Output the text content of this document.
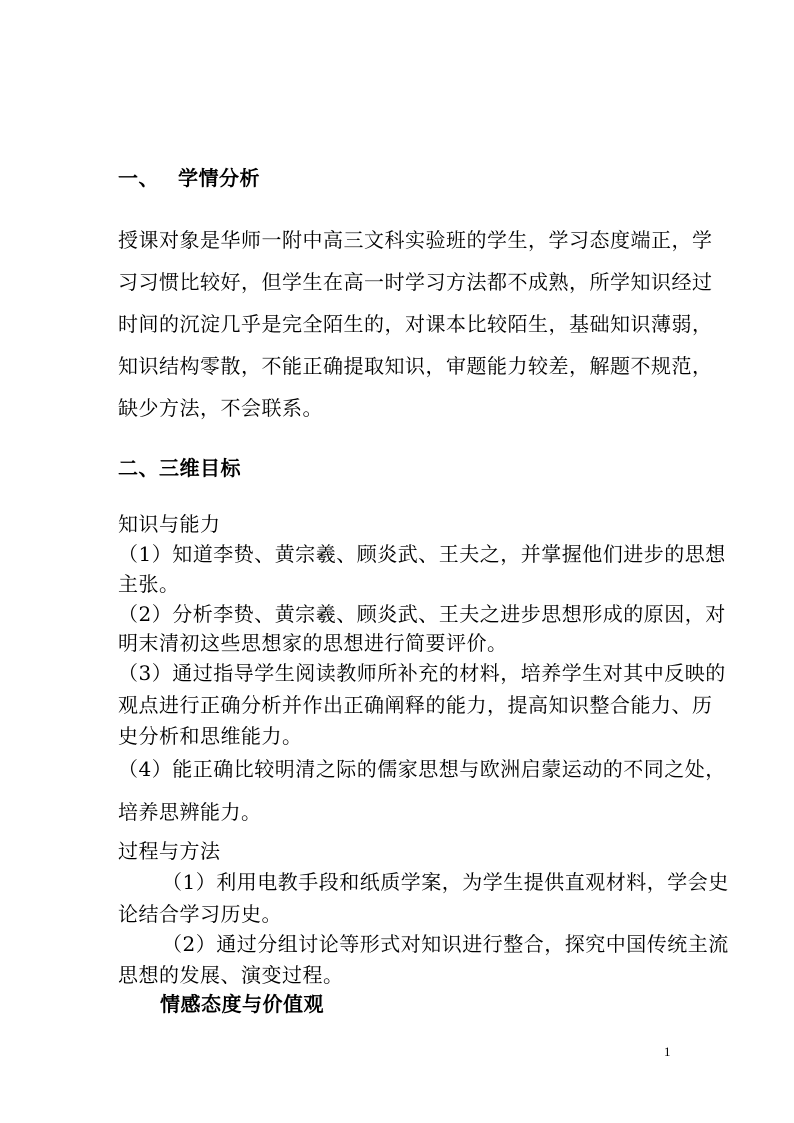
一、 学情分析
授课对象是华师一附中高三文科实验班的学生，学习态度端正，学
习习惯比较好，但学生在高一时学习方法都不成熟，所学知识经过
时间的沉淀几乎是完全陌生的，对课本比较陌生，基础知识薄弱，
知识结构零散，不能正确提取知识，审题能力较差，解题不规范，
缺少方法，不会联系。
二、三维目标
知识与能力
（1）知道李贽、黄宗羲、顾炎武、王夫之，并掌握他们进步的思想
主张。
（2）分析李贽、黄宗羲、顾炎武、王夫之进步思想形成的原因，对
明末清初这些思想家的思想进行简要评价。
（3）通过指导学生阅读教师所补充的材料，培养学生对其中反映的
观点进行正确分析并作出正确阐释的能力，提高知识整合能力、历
史分析和思维能力。
（4）能正确比较明清之际的儒家思想与欧洲启蒙运动的不同之处，
培养思辨能力。
过程与方法
（1）利用电教手段和纸质学案，为学生提供直观材料，学会史
论结合学习历史。
（2）通过分组讨论等形式对知识进行整合，探究中国传统主流
思想的发展、演变过程。
情感态度与价值观
1
